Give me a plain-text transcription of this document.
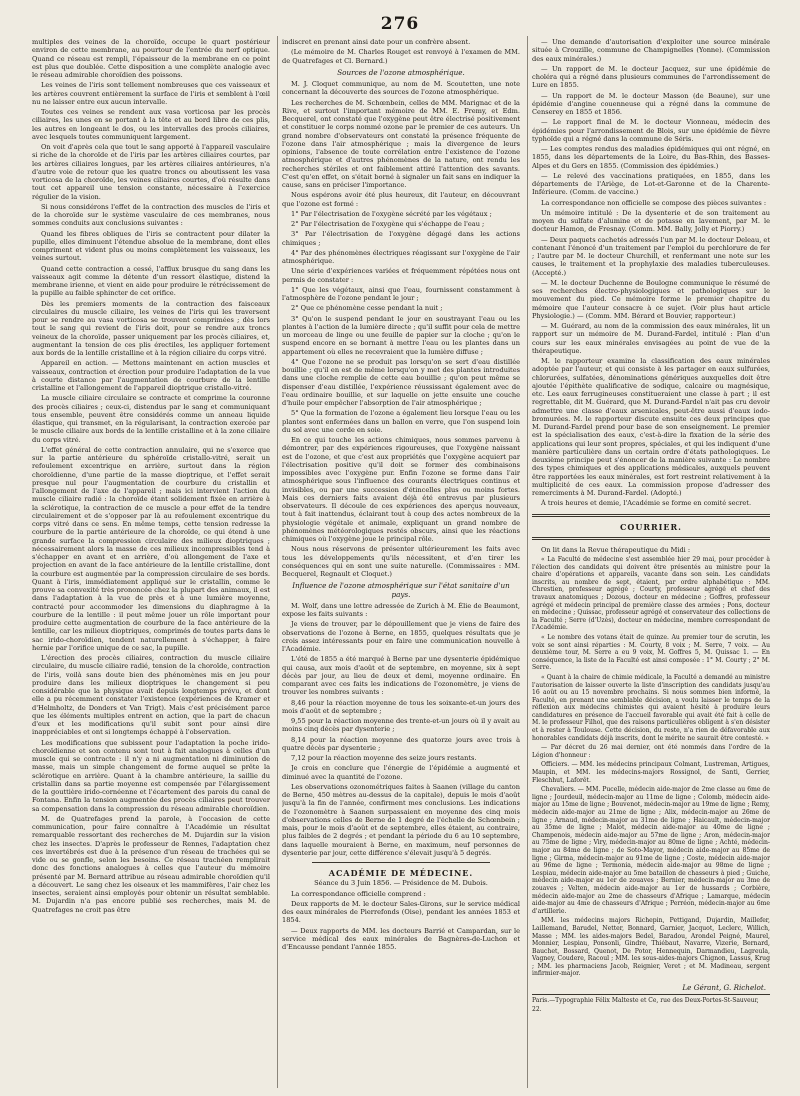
276

multiples des veines de la choroïde, occupe le quart postérieur environ de cette membrane, au pourtour de l'entrée du nerf optique. Quand ce réseau est rempli, l'épaisseur de la membrane en ce point est plus que doublée. Cette disposition a une complète analogie avec le réseau admirable choroïdien des poissons.

Les veines de l'iris sont tellement nombreuses que ces vaisseaux et les artères couvrent entièrement la surface de l'iris et semblent à l'œil nu ne laisser entre eux aucun intervalle.

Toutes ces veines se rendent aux vasa vorticosa par les procès ciliaires, les unes en se portant à la tête et au bord libre de ces plis, les autres en longeant le dos, ou les intervalles des procès ciliaires, avec lesquels toutes communiquent largement.

On voit d'après cela que tout le sang apporté à l'appareil vasculaire si riche de la choroïde et de l'iris par les artères ciliaires courtes, par les artères ciliaires longues, par les artères ciliaires antérieures, n'a d'autre voie de retour que les quatre troncs ou aboutissent les vasa vorticosa de la choroïde, les veines ciliaires courtes, d'où résulte dans tout cet appareil une tension constante, nécessaire à l'exercice régulier de la vision.

Si nous considérons l'effet de la contraction des muscles de l'iris et de la choroïde sur le système vasculaire de ces membranes, nous sommes conduits aux conclusions suivantes :

Quand les fibres obliques de l'iris se contractent pour dilater la pupille, elles diminuent l'étendue absolue de la membrane, dont elles compriment et vident plus ou moins complètement les vaisseaux, les veines surtout.

Quand cette contraction a cessé, l'afflux brusque du sang dans les vaisseaux agit comme la détente d'un ressort élastique, distend la membrane irienne, et vient en aide pour produire le rétrécissement de la pupille au faible sphincter de cet orifice.

Dès les premiers moments de la contraction des faisceaux circulaires du muscle ciliaire, les veines de l'iris qui les traversent pour se rendre au vasa vorticosa se trouvent comprimées ; dès lors tout le sang qui revient de l'iris doit, pour se rendre aux troncs veineux de la choroïde, passer uniquement par les procès ciliaires, et, augmentant la tension de ces plis érectiles, les appliquer fortement aux bords de la lentille cristalline et à la région ciliaire du corps vitré.

Appareil en action. — Mettons maintenant en action muscles et vaisseaux, contraction et érection pour produire l'adaptation de la vue à courte distance par l'augmentation de courbure de la lentille cristalline et l'allongement de l'appareil dioptrique cristallo-vitré.

La muscle ciliaire circulaire se contracte et comprime la couronne des procès ciliaires ; ceux-ci, distendus par le sang et communiquant tous ensemble, peuvent être considérés comme un anneau liquide élastique, qui transmet, en la régularisant, la contraction exercée par le muscle ciliaire aux bords de la lentille cristalline et à la zone ciliaire du corps vitré.

L'effet général de cette contraction annulaire, qui ne s'exerce que sur la partie antérieure du sphéroïde cristallo-vitré, serait un refoulement excentrique en arrière, surtout dans la région choroïdienne, d'une partie de la masse dioptrique, et l'effet serait presque nul pour l'augmentation de courbure du cristallin et l'allongement de l'axe de l'appareil ; mais ici intervient l'action du muscle ciliaire radié : la choroïde étant solidement fixée en arrière à la sclérotique, la contraction de ce muscle a pour effet de la tendre circulairement et de s'opposer par là au refoulement excentrique du corps vitré dans ce sens. En même temps, cette tension redresse la courbure de la partie antérieure de la choroïde, ce qui étend à une grande surface la compression circulaire des milieux dioptriques ; nécessairement alors la masse de ces milieux incompressibles tend à s'échapper en avant et en arrière, d'où allongement de l'axe et projection en avant de la face antérieure de la lentille cristalline, dont la courbure est augmentée par la compression circulaire de ses bords. Quant à l'iris, immédiatement appliqué sur le cristallin, comme le prouve sa convexité très prononcée chez la plupart des animaux, il est dans l'adaptation à la vue de près et à une lumière moyenne, contracté pour accommoder les dimensions du diaphragme à la courbure de la lentille : il peut même jouer un rôle important pour produire cette augmentation de courbure de la face antérieure de la lentille, car les milieux dioptriques, comprimés de toutes parts dans le sac irido-choroïdien, tendent naturellement à s'échapper, à faire hernie par l'orifice unique de ce sac, la pupille.

L'érection des procès ciliaires, contraction du muscle ciliaire circulaire, du muscle ciliaire radié, tension de la choroïde, contraction de l'iris, voilà sans doute bien des phénomènes mis en jeu pour produire dans les milieux dioptriques le changement si peu considérable que la physique avait depuis longtemps prévu, et dont elle a pu récemment constater l'existence (expériences de Kramer et d'Helmholtz, de Donders et Van Trigt). Mais c'est précisément parce que les éléments multiples entrent en action, que la part de chacun d'eux et les modifications qu'il subit sont pour ainsi dire inappréciables et ont si longtemps échappé à l'observation.

Les modifications que subissent pour l'adaptation la poche irido-choroïdienne et son contenu sont tout à fait analogues à celles d'un muscle qui se contracte : il n'y a ni augmentation ni diminution de masse, mais un simple changement de forme auquel se prête la sclérotique en arrière. Quant à la chambre antérieure, la saillie du cristallin dans sa partie moyenne est compensée par l'élargissement de la gouttière irido-cornéenne et l'écartement des parois du canal de Fontana. Enfin la tension augmentée des procès ciliaires peut trouver sa compensation dans la compression du réseau admirable choroïdien.

M. de Quatrefages prend la parole, à l'occasion de cette communication, pour faire connaître à l'Académie un résultat remarquable ressortant des recherches de M. Dujardin sur la vision chez les insectes. D'après le professeur de Rennes, l'adaptation chez ces invertébrés est due à la présence d'un réseau de trachées qui se vide ou se gonfle, selon les besoins. Ce réseau trachéen remplirait donc des fonctions analogues à celles que l'auteur du mémoire présenté par M. Bernard attribue au réseau admirable choroïdien qu'il a découvert. Le sang chez les oiseaux et les mammifères, l'air chez les insectes, seraient ainsi employés pour obtenir un résultat semblable. M. Dujardin n'a pas encore publié ses recherches, mais M. de Quatrefages ne croit pas être

indiscret en prenant ainsi date pour un confrère absent.

(Le mémoire de M. Charles Rouget est renvoyé à l'examen de MM. de Quatrefages et Cl. Bernard.)

Sources de l'ozone atmosphérique.

M. J. Cloquet communique, au nom de M. Scoutetten, une note concernant la découverte des sources de l'ozone atmosphérique.

Les recherches de M. Schœnbein, celles de MM. Marignac et de la Rive, et surtout l'important mémoire de MM. E. Fremy, et Edm. Becquerel, ont constaté que l'oxygène peut être électrisé positivement et constituer le corps nommé ozone par le premier de ces auteurs. Un grand nombre d'observateurs ont constaté la présence fréquente de l'ozone dans l'air atmosphérique ; mais la divergence de leurs opinions, l'absence de toute corrélation entre l'existence de l'ozone atmosphérique et d'autres phénomènes de la nature, ont rendu les recherches stériles et ont faiblement attiré l'attention des savants. C'est qu'en effet, on s'était borné à signaler un fait sans en indiquer la cause, sans en préciser l'importance.

Nous espérons avoir été plus heureux, dit l'auteur, en découvrant que l'ozone est formé :

1° Par l'électrisation de l'oxygène sécrété par les végétaux ;

2° Par l'électrisation de l'oxygène qui s'échappe de l'eau ;

3° Par l'électrisation de l'oxygène dégagé dans les actions chimiques ;

4° Par des phénomènes électriques réagissant sur l'oxygène de l'air atmosphérique.

Une série d'expériences variées et fréquemment répétées nous ont permis de constater :

1° Que les végétaux, ainsi que l'eau, fournissent constamment à l'atmosphère de l'ozone pendant le jour ;

2° Que ce phénomène cesse pendant la nuit ;

3° Qu'on le suspend pendant le jour en soustrayant l'eau ou les plantes à l'action de la lumière directe ; qu'il suffit pour cela de mettre un morceau de linge ou une feuille de papier sur la cloche ; qu'on le suspend encore en se bornant à mettre l'eau ou les plantes dans un appartement où elles ne recevraient que la lumière diffuse ;

4° Que l'ozone ne se produit pas lorsqu'on se sert d'eau distillée bouillie ; qu'il en est de même lorsqu'on y met des plantes introduites dans une cloche remplie de cette eau bouillie ; qu'on peut même se dispenser d'eau distillée, l'expérience réussissant également avec de l'eau ordinaire bouillie, et sur laquelle on jette ensuite une couche d'huile pour empêcher l'absorption de l'air atmosphérique ;

5° Que la formation de l'ozone a également lieu lorsque l'eau ou les plantes sont enfermées dans un ballon en verre, que l'on suspend loin du sol avec une corde en soie.

En ce qui touche les actions chimiques, nous sommes parvenu à démontrer, par des expériences rigoureuses, que l'oxygène naissant est de l'ozone, et que c'est aux propriétés que l'oxygène acquiert par l'électrisation positive qu'il doit se former des combinaisons impossibles avec l'oxygène pur. Enfin l'ozone se forme dans l'air atmosphérique sous l'influence des courants électriques continus et invisibles, ou par une succession d'étincelles plus ou moins fortes. Mais ces derniers faits avaient déjà été entrevus par plusieurs observateurs. Il découle de ces expériences des aperçus nouveaux, tout à fait inattendus, éclairant tout à coup des actes nombreux de la physiologie végétale et animale, expliquant un grand nombre de phénomènes météorologiques restés obscurs, ainsi que les réactions chimiques où l'oxygène joue le principal rôle.

Nous nous réservons de présenter ultérieurement les faits avec tous les développements qu'ils nécessitent, et d'en tirer les conséquences qui en sont une suite naturelle. (Commissaires : MM. Becquerel, Regnault et Cloquet.)

Influence de l'ozone atmosphérique sur l'état sanitaire d'un pays.

M. Wolf, dans une lettre adressée de Zurich à M. Élie de Beaumont, expose les faits suivants :

Je viens de trouver, par le dépouillement que je viens de faire des observations de l'ozone à Berne, en 1855, quelques résultats que je crois assez intéressants pour en faire une communication nouvelle à l'Académie.

L'été de 1855 a été marqué à Berne par une dysenterie épidémique qui causa, aux mois d'août et de septembre, en moyenne, six à sept décès par jour, au lieu de deux et demi, moyenne ordinaire. En comparant avec ces faits les indications de l'ozonomètre, je viens de trouver les nombres suivants :

8,46 pour la réaction moyenne de tous les soixante-et-un jours des mois d'août et de septembre ;

9,55 pour la réaction moyenne des trente-et-un jours où il y avait au moins cinq décès par dysenterie ;

8,14 pour la réaction moyenne des quatorze jours avec trois à quatre décès par dysenterie ;

7,12 pour la réaction moyenne des seize jours restants.

Je crois en conclure que l'énergie de l'épidémie a augmenté et diminué avec la quantité de l'ozone.

Les observations ozonométriques faites à Saanen (village du canton de Berne, 450 mètres au-dessus de la capitale), depuis le mois d'août jusqu'à la fin de l'année, confirment mes conclusions. Les indications de l'ozonomètre à Saanen surpassaient en moyenne des cinq mois d'observations celles de Berne de 1 degré de l'échelle de Schœnbein ; mais, pour le mois d'août et de septembre, elles étaient, au contraire, plus faibles de 2 degrés ; et pendant la période du 6 au 10 septembre, dans laquelle mouraient à Berne, en maximum, neuf personnes de dysenterie par jour, cette différence s'élevait jusqu'à 5 degrés.

ACADÉMIE DE MÉDECINE.
Séance du 3 Juin 1856. — Présidence de M. Dubois.

La correspondance officielle comprend :

Deux rapports de M. le docteur Sales-Girons, sur le service médical des eaux minérales de Pierrefonds (Oise), pendant les années 1853 et 1854.

— Deux rapports de MM. les docteurs Barrié et Campardan, sur le service médical des eaux minérales de Bagnères-de-Luchon et d'Encausse pendant l'année 1855.

— Une demande d'autorisation d'exploiter une source minérale située à Crouzille, commune de Champignelles (Yonne). (Commission des eaux minérales.)

— Un rapport de M. le docteur Jacquez, sur une épidémie de choléra qui a régné dans plusieurs communes de l'arrondissement de Lure en 1855.

— Un rapport de M. le docteur Masson (de Beaune), sur une épidémie d'angine couenneuse qui a régné dans la commune de Censerey en 1855 et 1856.

— Le rapport final de M. le docteur Vionneau, médecin des épidémies pour l'arrondissement de Blois, sur une épidémie de fièvre typhoïde qui a régné dans la commune de Séris.

— Les comptes rendus des maladies épidémiques qui ont régné, en 1855, dans les départements de la Loire, du Bas-Rhin, des Basses-Alpes et du Gers en 1855. (Commission des épidémies.)

— Le relevé des vaccinations pratiquées, en 1855, dans les départements de l'Ariège, de Lot-et-Garonne et de la Charente-Inférieure. (Comm. de vaccine.)

La correspondance non officielle se compose des pièces suivantes :

Un mémoire intitulé : De la dysenterie et de son traitement au moyen du sulfate d'alumine et de potasse en lavement, par M. le docteur Hamon, de Fresnay. (Comm. MM. Bally, Jolly et Piorry.)

— Deux paquets cachetés adressés l'un par M. le docteur Deleau, et contenant l'énoncé d'un traitement par l'emploi du perchlorure de fer ; l'autre par M. le docteur Churchill, et renfermant une note sur les causes, le traitement et la prophylaxie des maladies tuberculeuses. (Accepté.)

— M. le docteur Duchenne de Boulogne communique le résumé de ses recherches électro-physiologiques et pathologiques sur le mouvement du pied. Ce mémoire forme le premier chapitre du mémoire que l'auteur consacre à ce sujet. (Voir plus haut article Physiologie.) — (Comm. MM. Bérard et Bouvier, rapporteur.)

— M. Guérard, au nom de la commission des eaux minérales, lit un rapport sur un mémoire de M. Durand-Fardel, intitulé : Plan d'un cours sur les eaux minérales envisagées au point de vue de la thérapeutique.

M. le rapporteur examine la classification des eaux minérales adoptée par l'auteur, et qui consiste à les partager en eaux sulfurées, chlorurées, sulfatées, dénominations génériques auxquelles doit être ajoutée l'épithète qualificative de sodique, calcaire ou magnésique, etc. Les eaux ferrugineuses constitueraient une classe à part ; il est regrettable, dit M. Guérard, que M. Durand-Fardel n'ait pas cru devoir admettre une classe d'eaux arsenicales, peut-être aussi d'eaux iodo-bromurées. M. le rapporteur discute ensuite ces deux principes que M. Durand-Fardel prend pour base de son enseignement. Le premier est la spécialisation des eaux, c'est-à-dire la fixation de la série des applications qui leur sont propres, spéciales, et qui les indiquent d'une manière particulière dans un certain ordre d'états pathologiques. Le deuxième principe peut s'énoncer de la manière suivante : Le nombre des types chimiques et des applications médicales, auxquels peuvent être rapportées les eaux minérales, est fort restreint relativement à la multiplicité de ces eaux. La commission propose d'adresser des remerciments à M. Durand-Fardel. (Adopté.)

À trois heures et demie, l'Académie se forme en comité secret.

COURRIER.

On lit dans la Revue thérapeutique du Midi :

« La Faculté de médecine s'est assemblée hier 29 mai, pour procéder à l'élection des candidats qui doivent être présentés au ministre pour la chaire d'opérations et appareils, vacante dans son sein. Les candidats inscrits, au nombre de sept, étaient, par ordre alphabétique : MM. Chrestien, professeur agrégé ; Courty, professeur agrégé et chef des travaux anatomiques ; Dozous, docteur en médecine ; Goffres, professeur agrégé et médecin principal de première classe des armées ; Pons, docteur en médecine ; Quissac, professeur agrégé et conservateur des collections de la Faculté ; Serre (d'Uzès), docteur en médecine, membre correspondant de l'Académie.

« Le nombre des votans était de quinze. Au premier tour de scrutin, les voix se sont ainsi réparties : M. Courty, 8 voix ; M. Serre, 7 voix. — Au deuxième tour, M. Serre a eu 9 voix, M. Goffres 5, M. Quissac 1. — En conséquence, la liste de la Faculté est ainsi composée : 1° M. Courty ; 2° M. Serre.

« Quant à la chaire de chimie médicale, la Faculté a demandé au ministre l'autorisation de laisser ouverte la liste d'inscription des candidats jusqu'au 16 août ou au 15 novembre prochains. Si nous sommes bien informé, la Faculté, en prenant une semblable décision, a voulu laisser le temps de la réflexion aux médecins chimistes qui avaient hésité à produire leurs candidatures en présence de l'accueil favorable qui avait été fait à celle de M. le professeur Filhol, que des raisons particulières obligent à s'en désister et à rester à Toulouse. Cette décision, du reste, n'a rien de défavorable aux honorables candidats déjà inscrits, dont le mérite ne saurait être contesté. »

— Par décret du 26 mai dernier, ont été nommés dans l'ordre de la Légion d'honneur :

Officiers. — MM. les médecins principaux Colmant, Lustreman, Artigues, Maupin, et MM. les médecins-majors Rossignol, de Santi, Gerrier, Fleschhut, Laforêt.

Chevaliers. — MM. Pucelle, médecin aide-major de 2me classe au 6me de ligne ; Jourdeuil, médecin-major au 11me de ligne ; Colomb, médecin aide-major au 15me de ligne ; Bouvenot, médecin-major au 19me de ligne ; Remy, médecin aide-major au 21me de ligne ; Alix, médecin-major au 26me de ligne ; Arnaud, médecin-major au 31me de ligne ; Haicault, médecin-major au 35me de ligne ; Malot, médecin aide-major au 40me de ligne ; Champenois, médecin aide-major au 57me de ligne ; Aron, médecin-major au 75me de ligne ; Viry, médecin-major au 80me de ligne ; Achté, médecin-major au 84me de ligne ; de Soto-Mayor, médecin aide-major au 85me de ligne ; Girma, médecin-major au 91me de ligne ; Coste, médecin aide-major au 96me de ligne ; Termonia, médecin aide-major au 98me de ligne ; Lespiau, médecin aide-major au 5me bataillon de chasseurs à pied ; Guiche, médecin aide-major au 1er de zouaves ; Bernier, médecin-major au 3me de zouaves ; Velten, médecin aide-major au 1er de hussards ; Corbière, médecin aide-major au 2me de chasseurs d'Afrique ; Lamarque, médecin aide-major au 4me de chasseurs d'Afrique ; Perréon, médecin-major au 6me d'artillerie.

MM. les médecins majors Richepin, Pettigand, Dujardin, Maillefer, Laillemand, Barudel, Netter, Bonnard, Garnier, Jacquot, Leclerc, Willich, Masse ; MM. les aides-majors Bedel, Baradou, Arondel Peigné, Maurel, Monnier, Lespiau, Ponsonli, Gindre, Thiébaut, Navarre, Vizerie, Bernard, Bauchet, Bossard, Quenot, De Potor, Hennequin, Darmandieu, Lagreula, Vagney, Coudere, Racoul ; MM. les sous-aides-majors Chignon, Lassus, Krug ; MM. les pharmaciens Jacob, Reignier, Veret ; et M. Madineau, sergent infirmier-major.

Le Gérant, G. Richelot.
Paris.—Typographie Félix Malteste et Ce, rue des Deux-Portes-St-Sauveur, 22.
